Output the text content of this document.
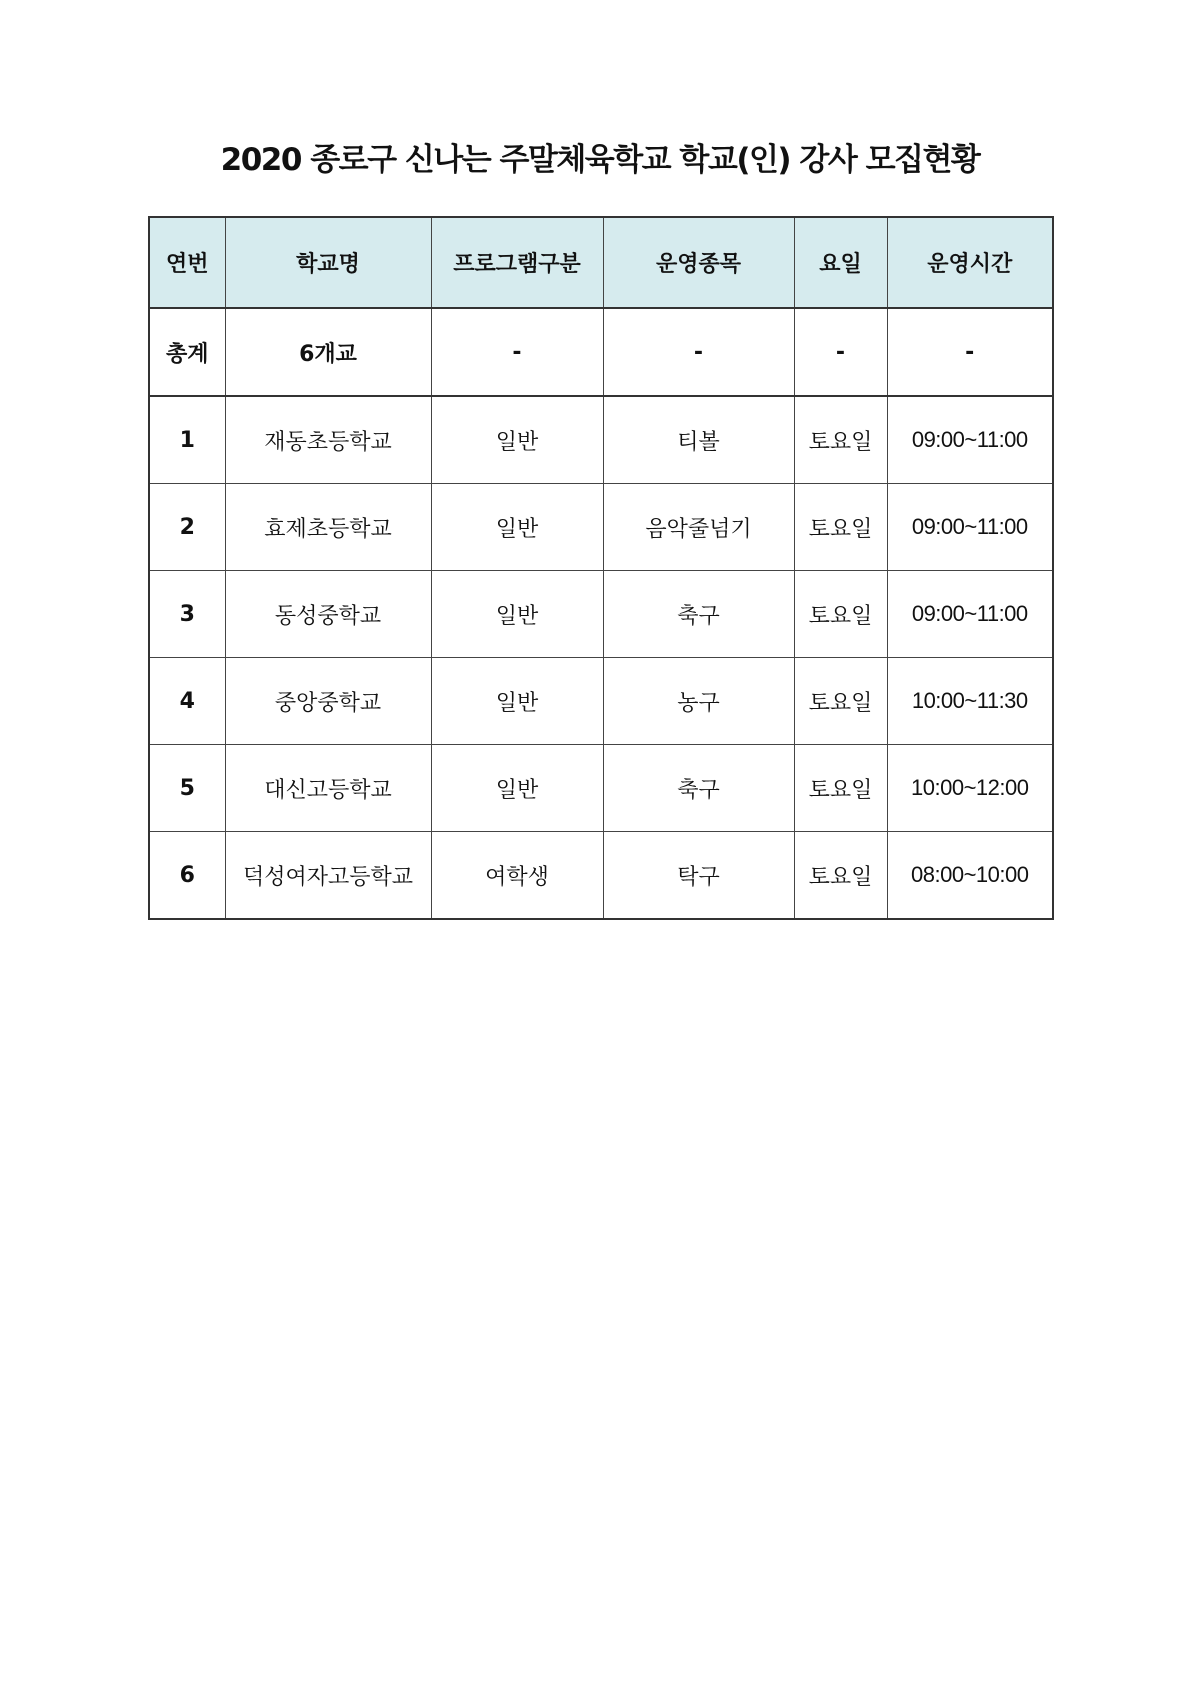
2020 종로구 신나는 주말체육학교 학교(인) 강사 모집현황
연번	학교명	프로그램구분	운영종목	요일	운영시간
총계	6개교	-	-	-	-
1	재동초등학교	일반	티볼	토요일	09:00~11:00
2	효제초등학교	일반	음악줄넘기	토요일	09:00~11:00
3	동성중학교	일반	축구	토요일	09:00~11:00
4	중앙중학교	일반	농구	토요일	10:00~11:30
5	대신고등학교	일반	축구	토요일	10:00~12:00
6	덕성여자고등학교	여학생	탁구	토요일	08:00~10:00
